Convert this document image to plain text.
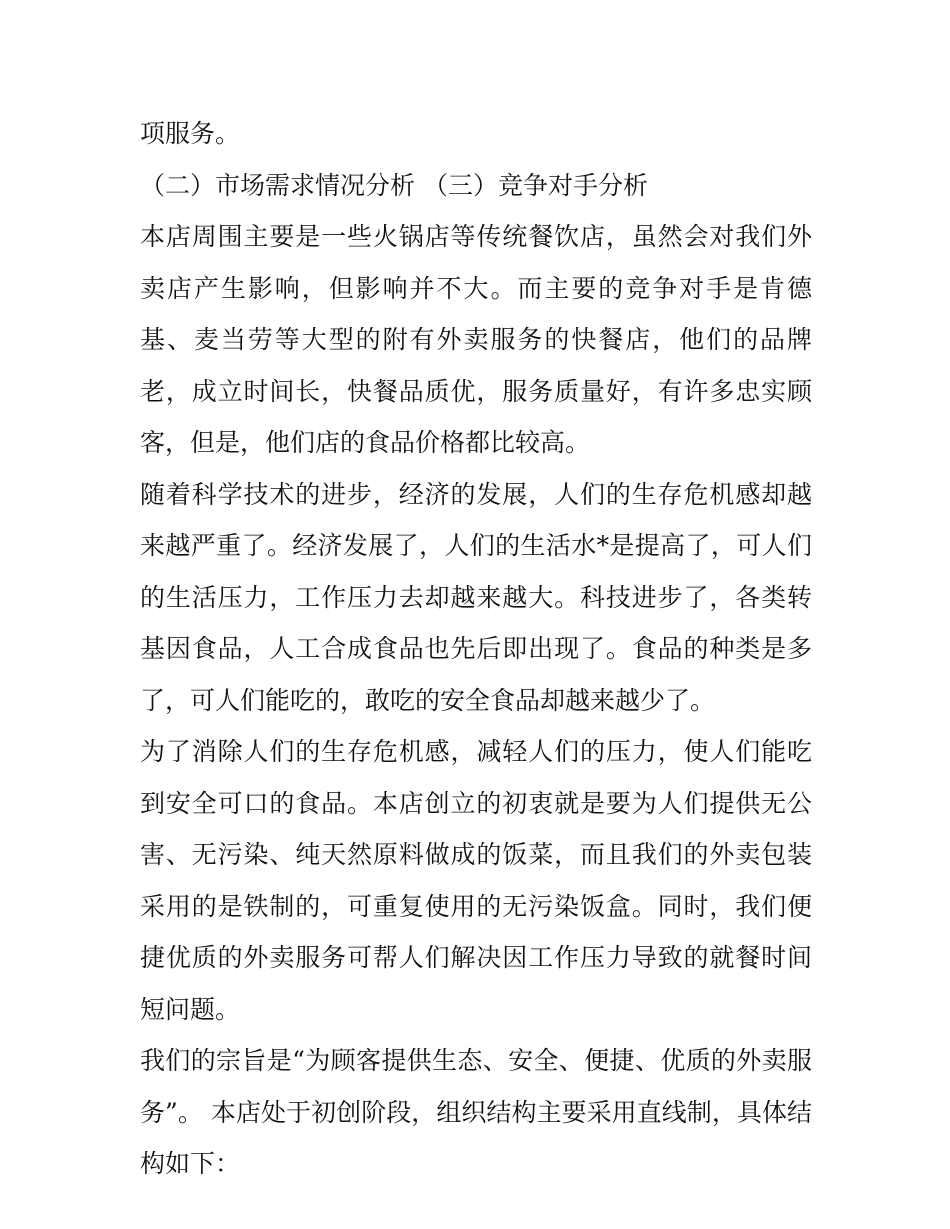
项服务。

（二）市场需求情况分析 （三）竞争对手分析

本店周围主要是一些火锅店等传统餐饮店，虽然会对我们外卖店产生影响，但影响并不大。而主要的竞争对手是肯德基、麦当劳等大型的附有外卖服务的快餐店，他们的品牌老，成立时间长，快餐品质优，服务质量好，有许多忠实顾客，但是，他们店的食品价格都比较高。

随着科学技术的进步，经济的发展，人们的生存危机感却越来越严重了。经济发展了，人们的生活水*是提高了，可人们的生活压力，工作压力去却越来越大。科技进步了，各类转基因食品，人工合成食品也先后即出现了。食品的种类是多了，可人们能吃的，敢吃的安全食品却越来越少了。

为了消除人们的生存危机感，减轻人们的压力，使人们能吃到安全可口的食品。本店创立的初衷就是要为人们提供无公害、无污染、纯天然原料做成的饭菜，而且我们的外卖包装采用的是铁制的，可重复使用的无污染饭盒。同时，我们便捷优质的外卖服务可帮人们解决因工作压力导致的就餐时间短问题。

我们的宗旨是“为顾客提供生态、安全、便捷、优质的外卖服务”。 本店处于初创阶段，组织结构主要采用直线制，具体结构如下：
